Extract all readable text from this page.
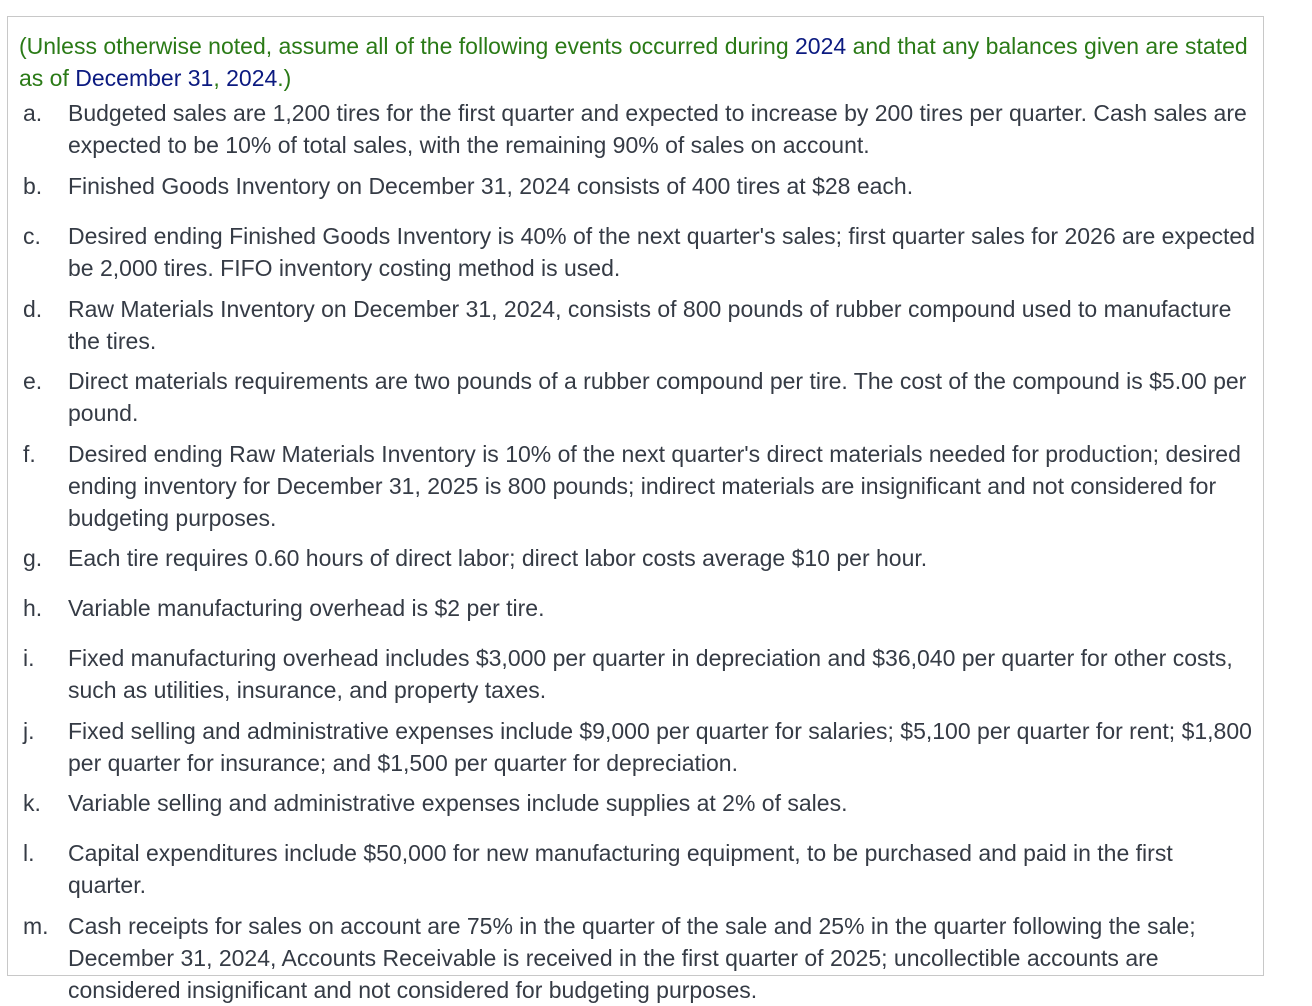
(Unless otherwise noted, assume all of the following events occurred during 2024 and that any balances given are stated as of December 31, 2024.)
a.	Budgeted sales are 1,200 tires for the first quarter and expected to increase by 200 tires per quarter. Cash sales are expected to be 10% of total sales, with the remaining 90% of sales on account.
b.	Finished Goods Inventory on December 31, 2024 consists of 400 tires at $28 each.
c.	Desired ending Finished Goods Inventory is 40% of the next quarter's sales; first quarter sales for 2026 are expected be 2,000 tires. FIFO inventory costing method is used.
d.	Raw Materials Inventory on December 31, 2024, consists of 800 pounds of rubber compound used to manufacture the tires.
e.	Direct materials requirements are two pounds of a rubber compound per tire. The cost of the compound is $5.00 per pound.
f.	Desired ending Raw Materials Inventory is 10% of the next quarter's direct materials needed for production; desired ending inventory for December 31, 2025 is 800 pounds; indirect materials are insignificant and not considered for budgeting purposes.
g.	Each tire requires 0.60 hours of direct labor; direct labor costs average $10 per hour.
h.	Variable manufacturing overhead is $2 per tire.
i.	Fixed manufacturing overhead includes $3,000 per quarter in depreciation and $36,040 per quarter for other costs, such as utilities, insurance, and property taxes.
j.	Fixed selling and administrative expenses include $9,000 per quarter for salaries; $5,100 per quarter for rent; $1,800 per quarter for insurance; and $1,500 per quarter for depreciation.
k.	Variable selling and administrative expenses include supplies at 2% of sales.
l.	Capital expenditures include $50,000 for new manufacturing equipment, to be purchased and paid in the first quarter.
m. Cash receipts for sales on account are 75% in the quarter of the sale and 25% in the quarter following the sale; December 31, 2024, Accounts Receivable is received in the first quarter of 2025; uncollectible accounts are considered insignificant and not considered for budgeting purposes.
